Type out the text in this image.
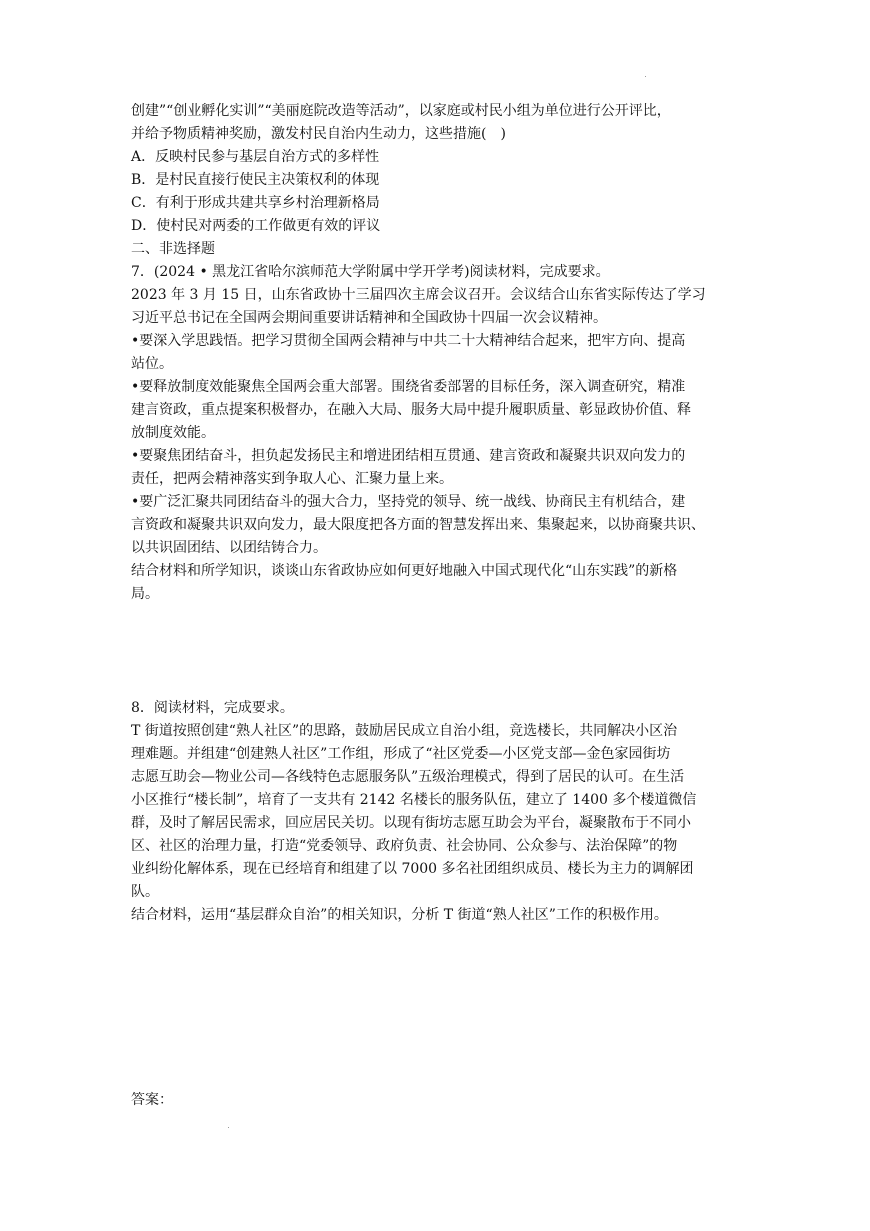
创建”“创业孵化实训”“美丽庭院改造等活动”，以家庭或村民小组为单位进行公开评比，
并给予物质精神奖励，激发村民自治内生动力，这些措施(　)
A．反映村民参与基层自治方式的多样性
B．是村民直接行使民主决策权利的体现
C．有利于形成共建共享乡村治理新格局
D．使村民对两委的工作做更有效的评议
二、非选择题
7．(2024 • 黑龙江省哈尔滨师范大学附属中学开学考)阅读材料，完成要求。
2023 年 3 月 15 日，山东省政协十三届四次主席会议召开。会议结合山东省实际传达了学习
习近平总书记在全国两会期间重要讲话精神和全国政协十四届一次会议精神。
•要深入学思践悟。把学习贯彻全国两会精神与中共二十大精神结合起来，把牢方向、提高
站位。
•要释放制度效能聚焦全国两会重大部署。围绕省委部署的目标任务，深入调查研究，精准
建言资政，重点提案积极督办，在融入大局、服务大局中提升履职质量、彰显政协价值、释
放制度效能。
•要聚焦团结奋斗，担负起发扬民主和增进团结相互贯通、建言资政和凝聚共识双向发力的
责任，把两会精神落实到争取人心、汇聚力量上来。
•要广泛汇聚共同团结奋斗的强大合力，坚持党的领导、统一战线、协商民主有机结合，建
言资政和凝聚共识双向发力，最大限度把各方面的智慧发挥出来、集聚起来，以协商聚共识、
以共识固团结、以团结铸合力。
结合材料和所学知识，谈谈山东省政协应如何更好地融入中国式现代化“山东实践”的新格
局。
8．阅读材料，完成要求。
T 街道按照创建“熟人社区”的思路，鼓励居民成立自治小组，竞选楼长，共同解决小区治
理难题。并组建“创建熟人社区”工作组，形成了“社区党委—小区党支部—金色家园街坊
志愿互助会—物业公司—各线特色志愿服务队”五级治理模式，得到了居民的认可。在生活
小区推行“楼长制”，培育了一支共有 2142 名楼长的服务队伍，建立了 1400 多个楼道微信
群，及时了解居民需求，回应居民关切。以现有街坊志愿互助会为平台，凝聚散布于不同小
区、社区的治理力量，打造“党委领导、政府负责、社会协同、公众参与、法治保障”的物
业纠纷化解体系，现在已经培育和组建了以 7000 多名社团组织成员、楼长为主力的调解团
队。
结合材料，运用“基层群众自治”的相关知识，分析 T 街道“熟人社区”工作的积极作用。
答案：
